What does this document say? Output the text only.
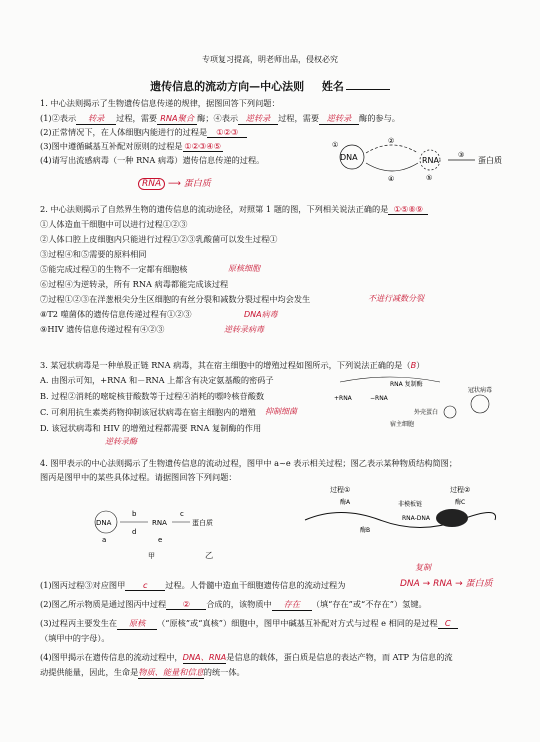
专项复习提高，明老师出品，侵权必究
遗传信息的流动方向—中心法则 姓名
1. 中心法则揭示了生物遗传信息传递的规律，据图回答下列问题：
(1)②表示 转录 过程，需要 RNA聚合 酶；④表示 逆转录 过程，需要 逆转录 酶的参与。
(2)正常情况下，在人体细胞内能进行的过程是 ①②③
(3)图中遵循碱基互补配对原则的过程是 ①②③④⑤
(4)请写出流感病毒（一种 RNA 病毒）遗传信息传递的过程。
RNA ⟶ 蛋白质
DNA	RNA	蛋白质
①	②
③
④	⑤
2. 中心法则揭示了自然界生物的遗传信息的流动途径，对照第 1 题的图，下列相关说法正确的是 ①⑤⑧⑨
①人体造血干细胞中可以进行过程①②③
②人体口腔上皮细胞内只能进行过程①②③乳酸菌可以发生过程①
③过程④和⑤需要的原料相同
⑤能完成过程①的生物不一定都有细胞核
⑥过程④为逆转录，所有 RNA 病毒都能完成该过程
⑦过程①②③在洋葱根尖分生区细胞的有丝分裂和减数分裂过程中均会发生
⑧T2 噬菌体的遗传信息传递过程有①②③
⑨HIV 遗传信息传递过程有④②③
原核细胞
不进行减数分裂
DNA病毒
逆转录病毒
3. 某冠状病毒是一种单股正链 RNA 病毒，其在宿主细胞中的增殖过程如图所示，下列说法正确的是（B）
A. 由图示可知，+RNA 和－RNA 上都含有决定氨基酸的密码子
B. 过程②消耗的嘧啶核苷酸数等于过程④消耗的嘌呤核苷酸数
C. 可利用抗生素类药物抑制该冠状病毒在宿主细胞内的增殖
D. 该冠状病毒和 HIV 的增殖过程都需要 RNA 复制酶的作用
抑制细菌
逆转录酶
RNA 复制酶
+RNA	−RNA
外壳蛋白
冠状病毒
宿主细胞
4. 图甲表示的中心法则揭示了生物遗传信息的流动过程，图甲中 a~e 表示相关过程；图乙表示某种物质结构简图；
图丙是图甲中的某些具体过程。请据图回答下列问题：
DNA	RNA	蛋白质
a
b	c
d
e
甲	乙
过程①	过程②
酶A
酶B
酶C
非模板链
RNA-DNA
(1)图丙过程③对应图甲 c 过程。人骨髓中造血干细胞遗传信息的流动过程为	DNA → RNA → 蛋白质
复制
(2)图乙所示物质是通过图丙中过程 ② 合成的，该物质中 存在 （填“存在”或“不存在”）氢键。
(3)过程丙主要发生在 原核 （“原核”或“真核”）细胞中，图甲中碱基互补配对方式与过程 e 相同的是过程 C
（填甲中的字母）。
(4)图甲揭示在遗传信息的流动过程中，DNA、RNA是信息的载体，蛋白质是信息的表达产物，而 ATP 为信息的流
动提供能量，因此，生命是物质、能量和信息的统一体。
